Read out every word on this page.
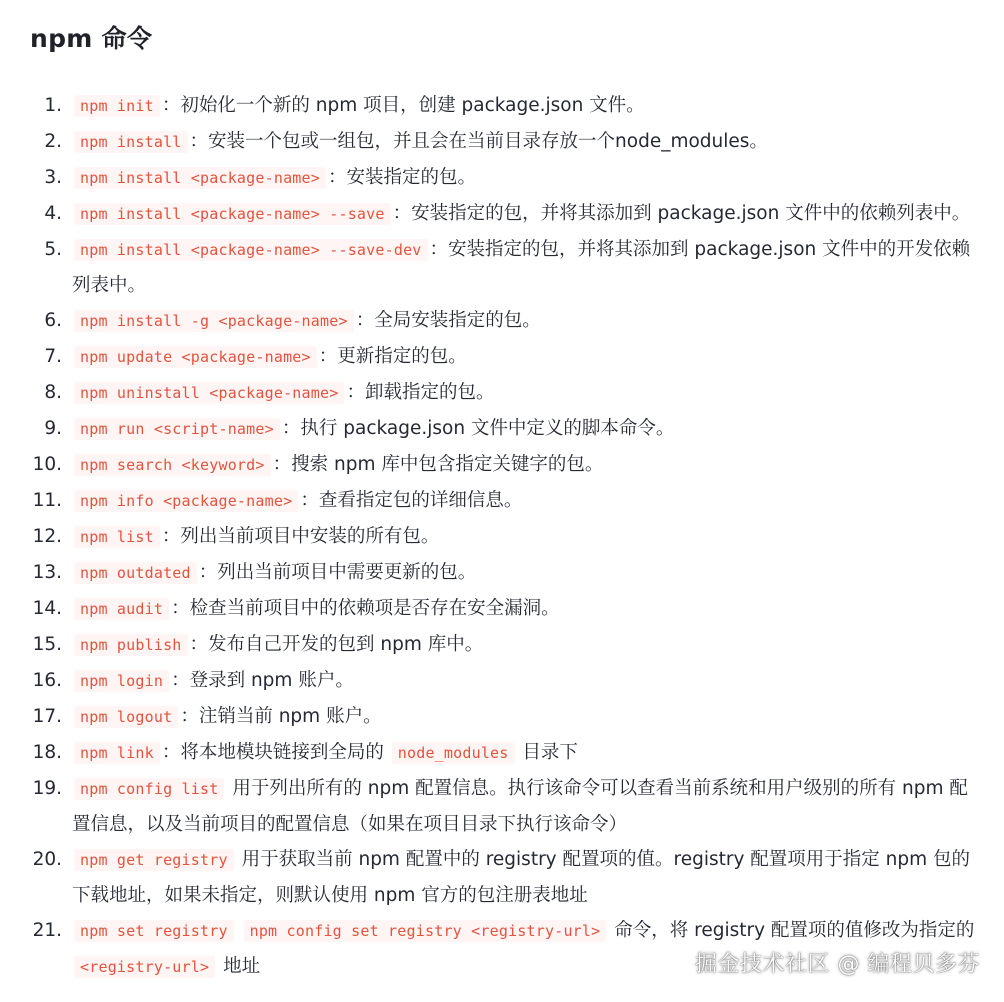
npm 命令
1. npm init ：初始化一个新的 npm 项目，创建 package.json 文件。
2. npm install ：安装一个包或一组包，并且会在当前目录存放一个node_modules。
3. npm install <package-name> ：安装指定的包。
4. npm install <package-name> --save ：安装指定的包，并将其添加到 package.json 文件中的依赖列表中。
5. npm install <package-name> --save-dev ：安装指定的包，并将其添加到 package.json 文件中的开发依赖列表中。
6. npm install -g <package-name> ：全局安装指定的包。
7. npm update <package-name> ：更新指定的包。
8. npm uninstall <package-name> ：卸载指定的包。
9. npm run <script-name> ：执行 package.json 文件中定义的脚本命令。
10. npm search <keyword> ：搜索 npm 库中包含指定关键字的包。
11. npm info <package-name> ：查看指定包的详细信息。
12. npm list ：列出当前项目中安装的所有包。
13. npm outdated ：列出当前项目中需要更新的包。
14. npm audit ：检查当前项目中的依赖项是否存在安全漏洞。
15. npm publish ：发布自己开发的包到 npm 库中。
16. npm login ：登录到 npm 账户。
17. npm logout ：注销当前 npm 账户。
18. npm link ：将本地模块链接到全局的 node_modules 目录下
19. npm config list 用于列出所有的 npm 配置信息。执行该命令可以查看当前系统和用户级别的所有 npm 配置信息，以及当前项目的配置信息（如果在项目目录下执行该命令）
20. npm get registry 用于获取当前 npm 配置中的 registry 配置项的值。registry 配置项用于指定 npm 包的下载地址，如果未指定，则默认使用 npm 官方的包注册表地址
21. npm set registry npm config set registry <registry-url> 命令，将 registry 配置项的值修改为指定的 <registry-url> 地址	掘金技术社区 @ 编程贝多芬
